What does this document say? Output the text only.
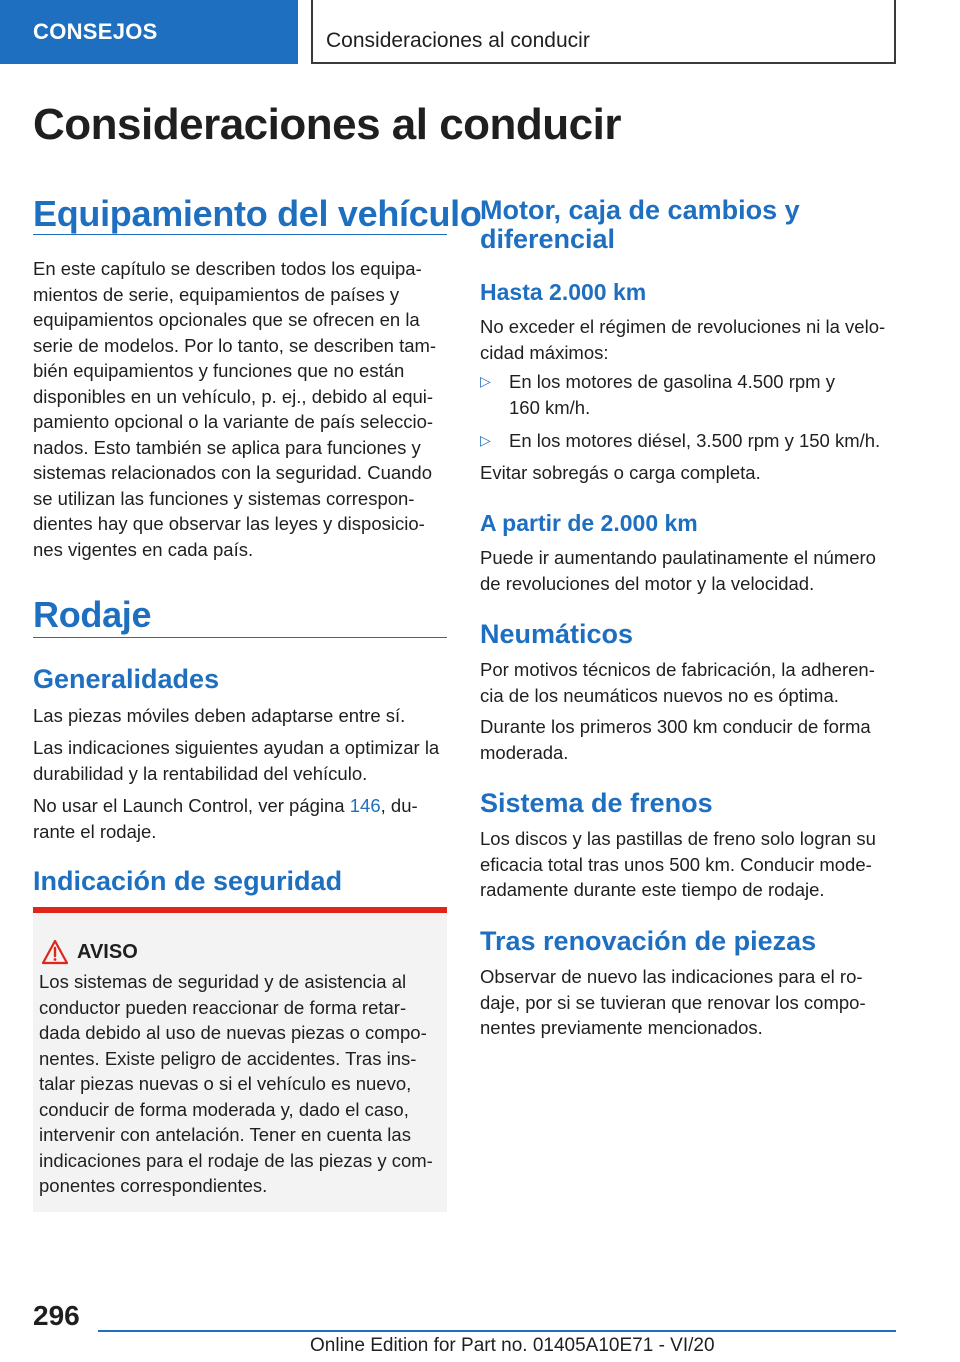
CONSEJOS	Consideraciones al conducir
Consideraciones al conducir
Equipamiento del vehículo

En este capítulo se describen todos los equipa-
mientos de serie, equipamientos de países y
equipamientos opcionales que se ofrecen en la
serie de modelos. Por lo tanto, se describen tam-
bién equipamientos y funciones que no están
disponibles en un vehículo, p. ej., debido al equi-
pamiento opcional o la variante de país seleccio-
nados. Esto también se aplica para funciones y
sistemas relacionados con la seguridad. Cuando
se utilizan las funciones y sistemas correspon-
dientes hay que observar las leyes y disposicio-
nes vigentes en cada país.

Rodaje
Generalidades

Las piezas móviles deben adaptarse entre sí.

Las indicaciones siguientes ayudan a optimizar la
durabilidad y la rentabilidad del vehículo.

No usar el Launch Control, ver página 146, du-
rante el rodaje.

Indicación de seguridad
AVISO

Los sistemas de seguridad y de asistencia al
conductor pueden reaccionar de forma retar-
dada debido al uso de nuevas piezas o compo-
nentes. Existe peligro de accidentes. Tras ins-
talar piezas nuevas o si el vehículo es nuevo,
conducir de forma moderada y, dado el caso,
intervenir con antelación. Tener en cuenta las
indicaciones para el rodaje de las piezas y com-
ponentes correspondientes.

Motor, caja de cambios y
diferencial
Hasta 2.000 km

No exceder el régimen de revoluciones ni la velo-
cidad máximos:

▷ En los motores de gasolina 4.500 rpm y
160 km/h.
▷ En los motores diésel, 3.500 rpm y 150 km/h.

Evitar sobregás o carga completa.

A partir de 2.000 km

Puede ir aumentando paulatinamente el número
de revoluciones del motor y la velocidad.

Neumáticos

Por motivos técnicos de fabricación, la adheren-
cia de los neumáticos nuevos no es óptima.

Durante los primeros 300 km conducir de forma
moderada.

Sistema de frenos

Los discos y las pastillas de freno solo logran su
eficacia total tras unos 500 km. Conducir mode-
radamente durante este tiempo de rodaje.

Tras renovación de piezas

Observar de nuevo las indicaciones para el ro-
daje, por si se tuvieran que renovar los compo-
nentes previamente mencionados.

296
Online Edition for Part no. 01405A10E71 - VI/20
